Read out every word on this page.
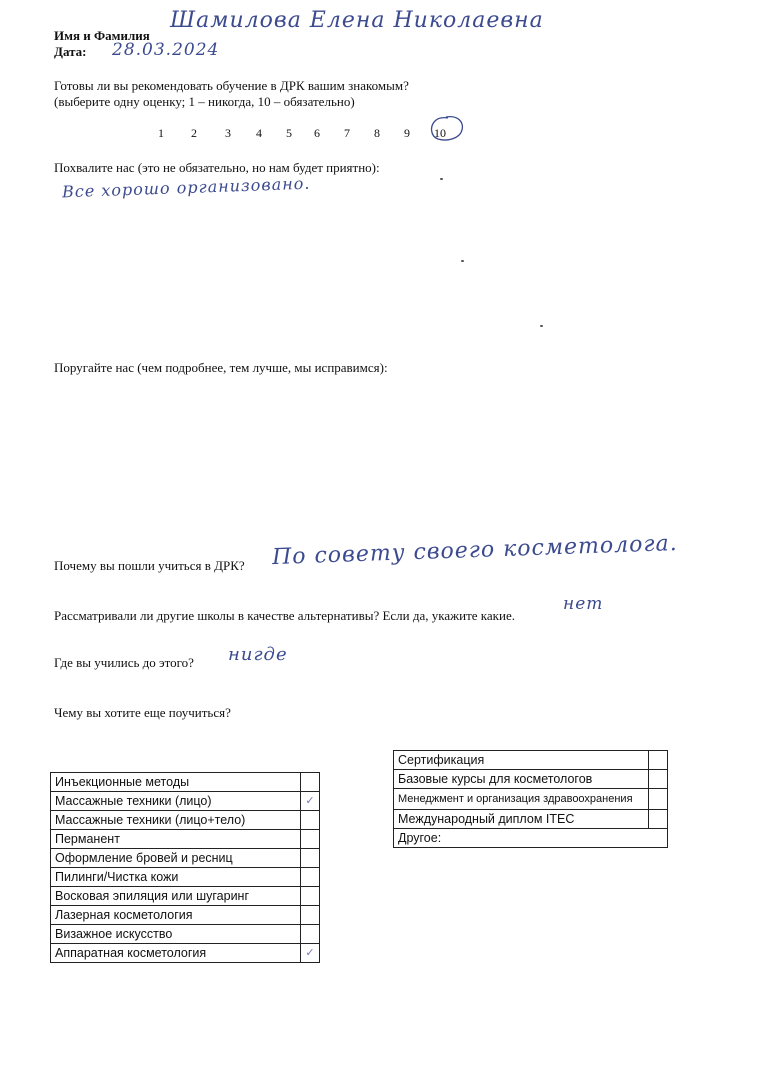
Имя и Фамилия
Шамилова Елена Николаевна
Дата: 28.03.2024
Готовы ли вы рекомендовать обучение в ДРК вашим знакомым?
(выберите одну оценку; 1 – никогда, 10 – обязательно)
1 2 3 4 5 6 7 8 9 10
Похвалите нас (это не обязательно, но нам будет приятно):
Все хорошо организовано.
Поругайте нас (чем подробнее, тем лучше, мы исправимся):
Почему вы пошли учиться в ДРК? По совету своего косметолога.
Рассматривали ли другие школы в качестве альтернативы? Если да, укажите какие.
нет
Где вы учились до этого? нигде
Чему вы хотите еще поучиться?
Инъекционные методы	
Массажные техники (лицо)	✓
Массажные техники (лицо+тело)	
Перманент	
Оформление бровей и ресниц	
Пилинги/Чистка кожи	
Восковая эпиляция или шугаринг	
Лазерная косметология	
Визажное искусство	
Аппаратная косметология	✓
Сертификация	
Базовые курсы для косметологов	
Менеджмент и организация здравоохранения	
Международный диплом ITEC	
Другое:	
